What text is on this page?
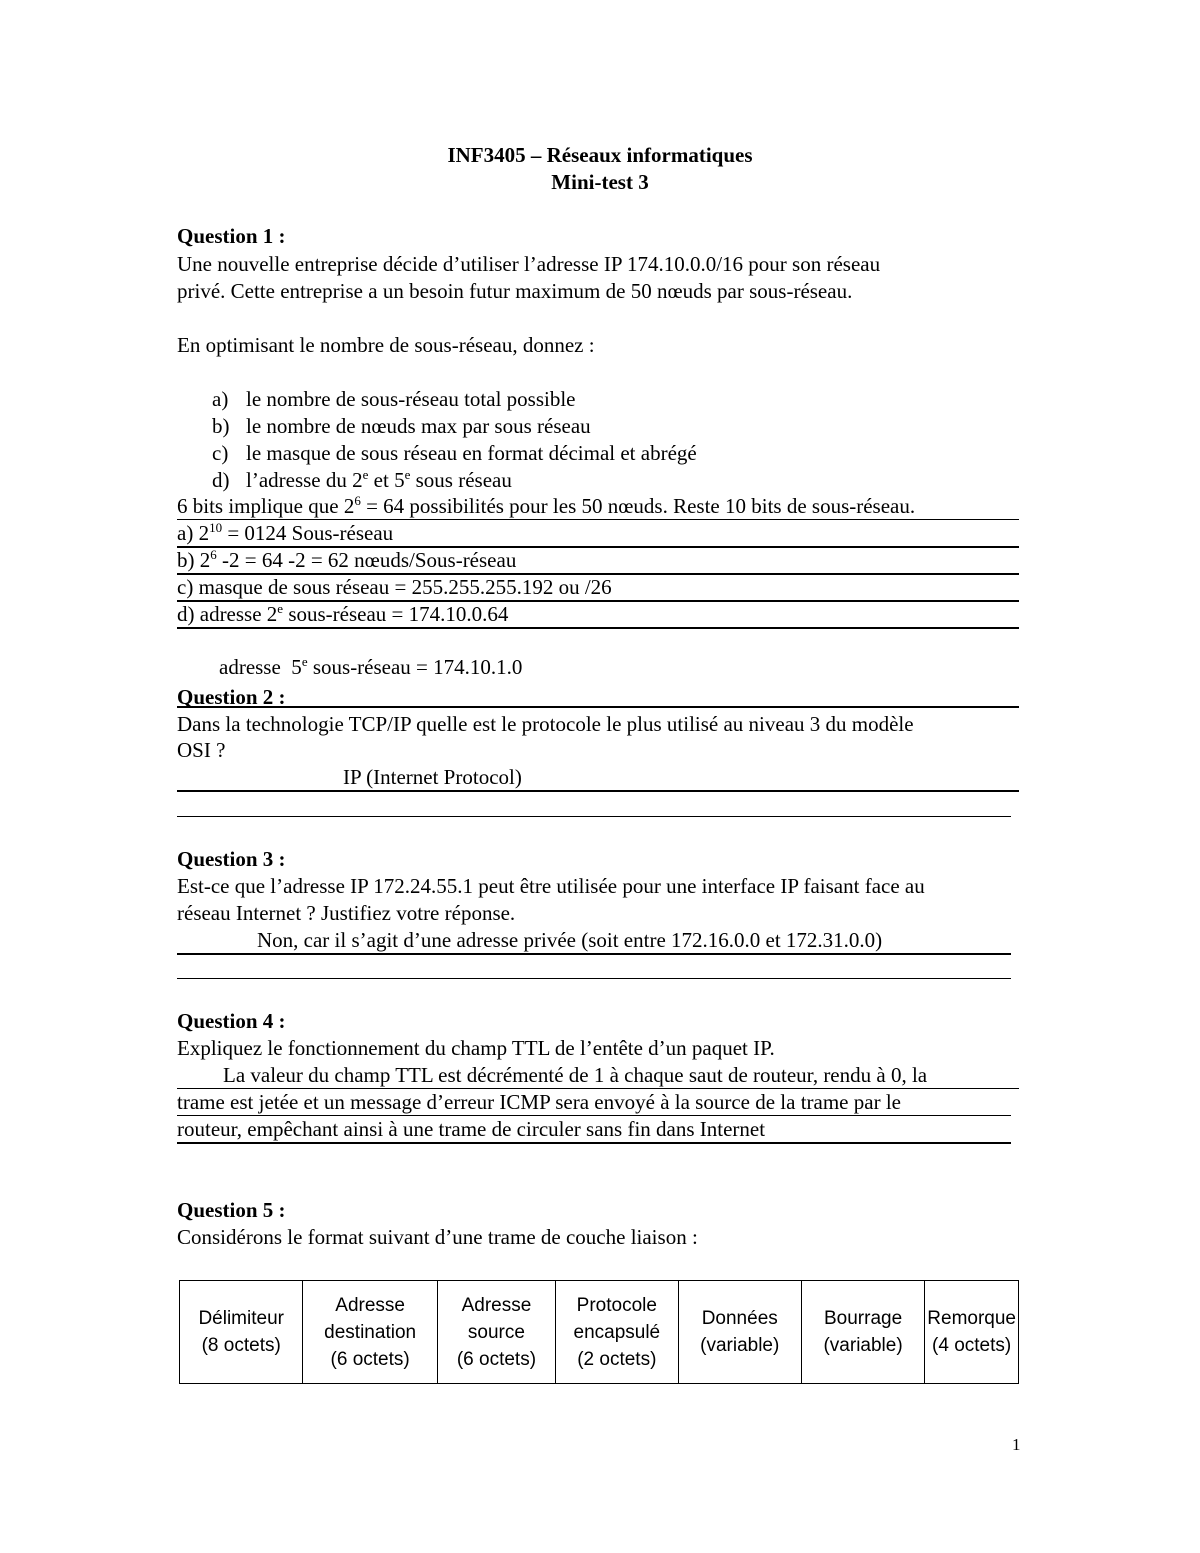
INF3405 – Réseaux informatiques
Mini-test 3
Question 1 :
Une nouvelle entreprise décide d’utiliser l’adresse IP 174.10.0.0/16 pour son réseau
privé. Cette entreprise a un besoin futur maximum de 50 nœuds par sous-réseau.
En optimisant le nombre de sous-réseau, donnez :
a) le nombre de sous-réseau total possible
b) le nombre de nœuds max par sous réseau
c) le masque de sous réseau en format décimal et abrégé
d) l’adresse du 2e et 5e sous réseau
6 bits implique que $2^6 = 64$ possibilités pour les 50 nœuds. Reste 10 bits de sous-réseau.
a) $2^{10} = 0124$ Sous-réseau
b) $2^6$ -2 = 64 -2 = 62 nœuds/Sous-réseau
c) masque de sous réseau = 255.255.255.192 ou /26
d) adresse 2e sous-réseau = 174.10.0.64

adresse  5e sous-réseau = 174.10.1.0

Question 2 :
Dans la technologie TCP/IP quelle est le protocole le plus utilisé au niveau 3 du modèle
OSI ?
IP (Internet Protocol)
Question 3 :
Est-ce que l’adresse IP 172.24.55.1 peut être utilisée pour une interface IP faisant face au
réseau Internet ? Justifiez votre réponse.
Non, car il s’agit d’une adresse privée (soit entre 172.16.0.0 et 172.31.0.0)
Question 4 :
Expliquez le fonctionnement du champ TTL de l’entête d’un paquet IP.
La valeur du champ TTL est décrémenté de 1 à chaque saut de routeur, rendu à 0, la
trame est jetée et un message d’erreur ICMP sera envoyé à la source de la trame par le
routeur, empêchant ainsi à une trame de circuler sans fin dans Internet
Question 5 :
Considérons le format suivant d’une trame de couche liaison :
Délimiteur
(8 octets)	Adresse
destination
(6 octets)	Adresse
source
(6 octets)	Protocole
encapsulé
(2 octets)	Données
(variable)	Bourrage
(variable)	Remorque
(4 octets)
1
